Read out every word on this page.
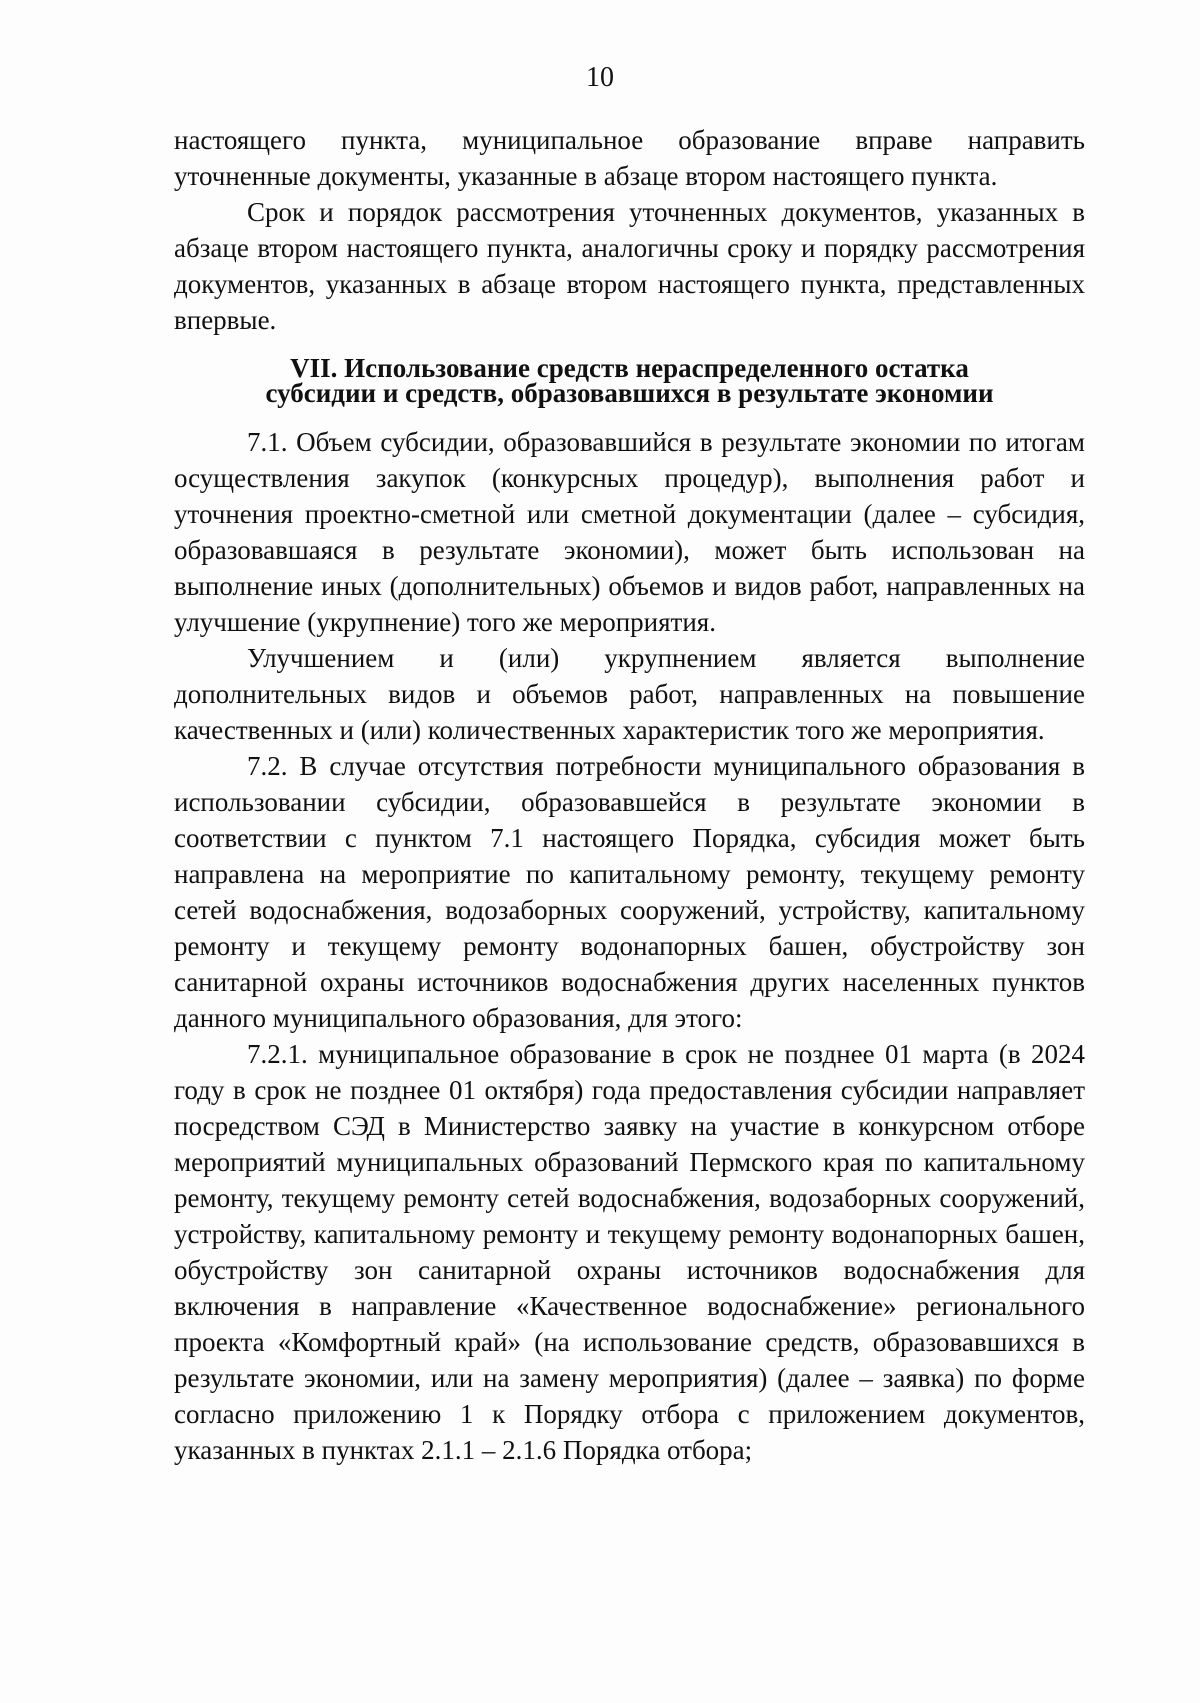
10

настоящего пункта, муниципальное образование вправе направить уточненные документы, указанные в абзаце втором настоящего пункта.

Срок и порядок рассмотрения уточненных документов, указанных в абзаце втором настоящего пункта, аналогичны сроку и порядку рассмотрения документов, указанных в абзаце втором настоящего пункта, представленных впервые.

VII. Использование средств нераспределенного остатка
субсидии и средств, образовавшихся в результате экономии

7.1. Объем субсидии, образовавшийся в результате экономии по итогам осуществления закупок (конкурсных процедур), выполнения работ и уточнения проектно-сметной или сметной документации (далее – субсидия, образовавшаяся в результате экономии), может быть использован на выполнение иных (дополнительных) объемов и видов работ, направленных на улучшение (укрупнение) того же мероприятия.

Улучшением и (или) укрупнением является выполнение дополнительных видов и объемов работ, направленных на повышение качественных и (или) количественных характеристик того же мероприятия.

7.2. В случае отсутствия потребности муниципального образования в использовании субсидии, образовавшейся в результате экономии в соответствии с пунктом 7.1 настоящего Порядка, субсидия может быть направлена на мероприятие по капитальному ремонту, текущему ремонту сетей водоснабжения, водозаборных сооружений, устройству, капитальному ремонту и текущему ремонту водонапорных башен, обустройству зон санитарной охраны источников водоснабжения других населенных пунктов данного муниципального образования, для этого:

7.2.1. муниципальное образование в срок не позднее 01 марта (в 2024 году в срок не позднее 01 октября) года предоставления субсидии направляет посредством СЭД в Министерство заявку на участие в конкурсном отборе мероприятий муниципальных образований Пермского края по капитальному ремонту, текущему ремонту сетей водоснабжения, водозаборных сооружений, устройству, капитальному ремонту и текущему ремонту водонапорных башен, обустройству зон санитарной охраны источников водоснабжения для включения в направление «Качественное водоснабжение» регионального проекта «Комфортный край» (на использование средств, образовавшихся в результате экономии, или на замену мероприятия) (далее – заявка) по форме согласно приложению 1 к Порядку отбора с приложением документов, указанных в пунктах 2.1.1 – 2.1.6 Порядка отбора;
